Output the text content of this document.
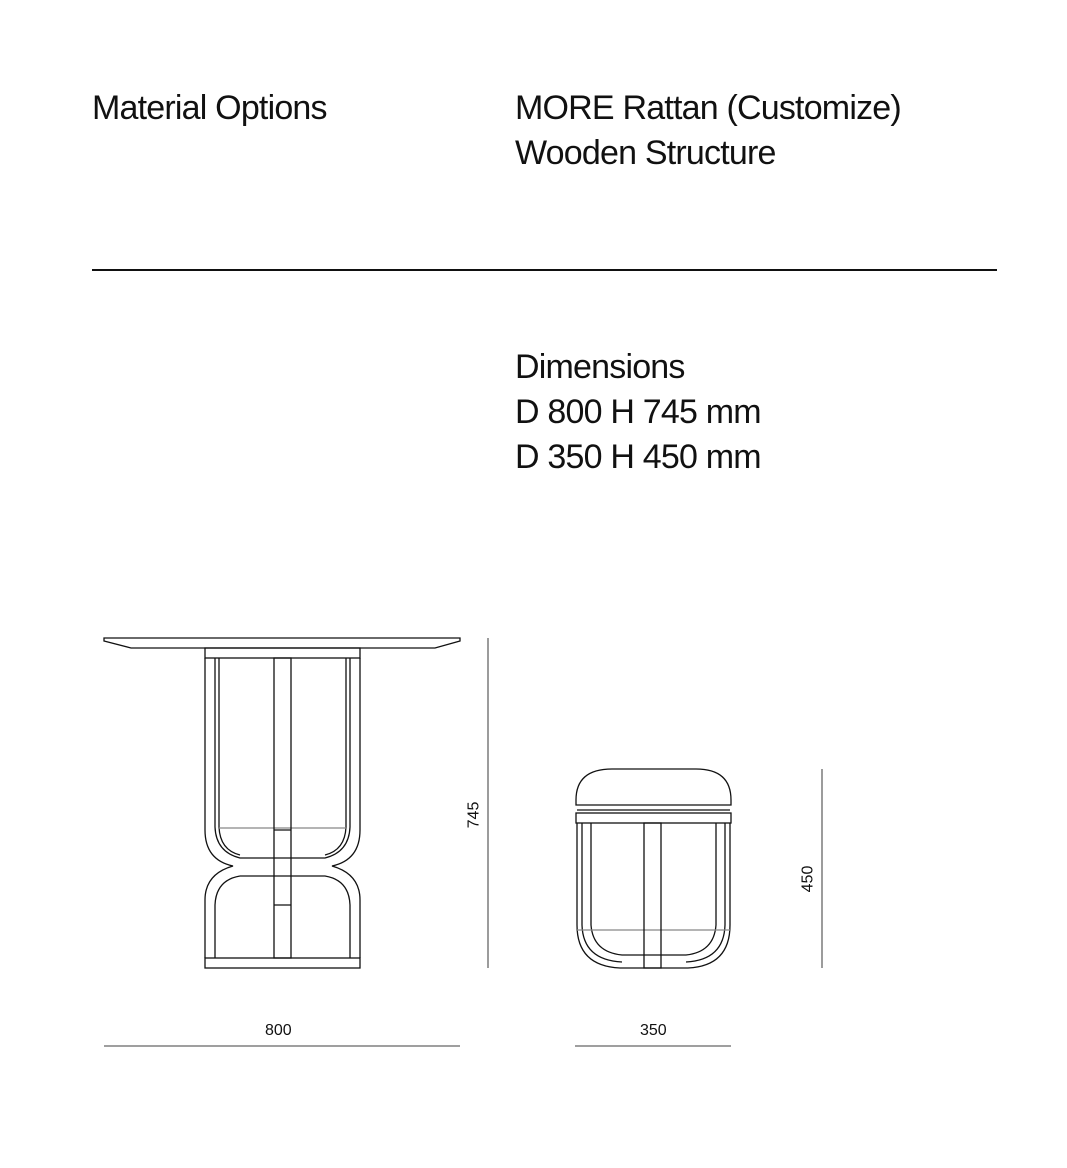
Material Options	MORE Rattan (Customize)
Wooden Structure
Dimensions
D 800 H 745 mm
D 350 H 450 mm
800
745
350
450
